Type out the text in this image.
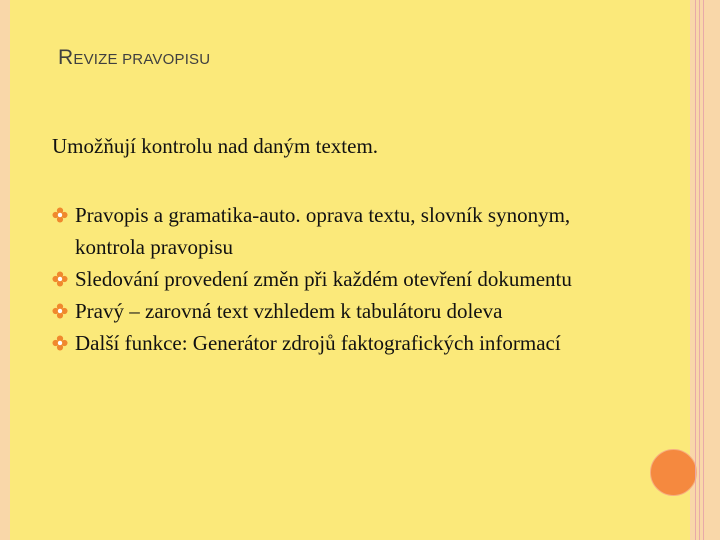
REVIZE PRAVOPISU
Umožňují kontrolu nad daným textem.
Pravopis a gramatika-auto. oprava textu, slovník synonym, kontrola pravopisu
Sledování provedení změn při každém otevření dokumentu
Pravý – zarovná text vzhledem k tabulátoru doleva
Další funkce: Generátor zdrojů faktografických informací
